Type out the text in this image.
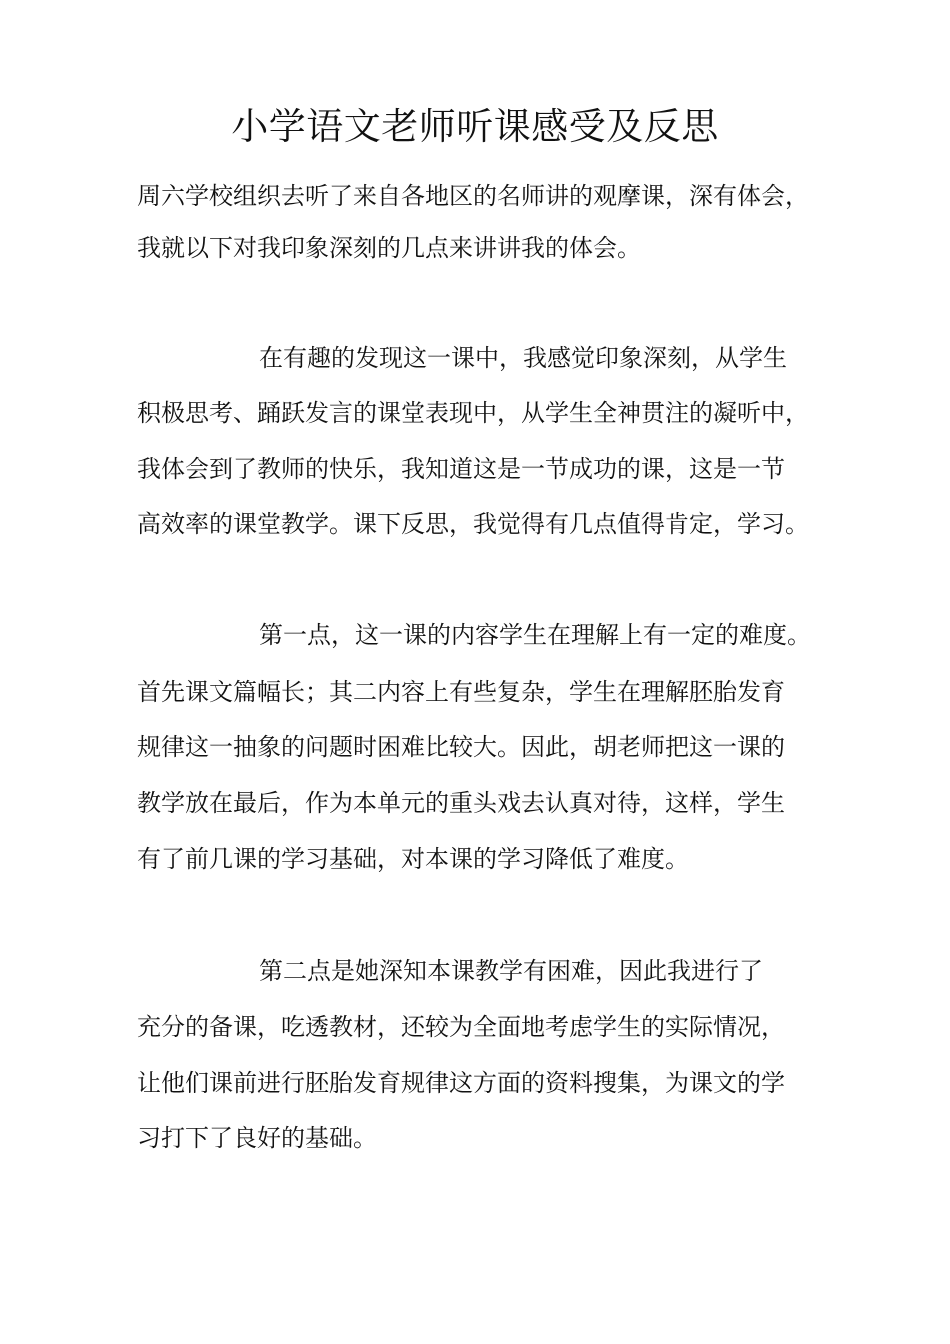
小学语文老师听课感受及反思

周六学校组织去听了来自各地区的名师讲的观摩课，深有体会，

我就以下对我印象深刻的几点来讲讲我的体会。

在有趣的发现这一课中，我感觉印象深刻，从学生

积极思考、踊跃发言的课堂表现中，从学生全神贯注的凝听中，

我体会到了教师的快乐，我知道这是一节成功的课，这是一节

高效率的课堂教学。课下反思，我觉得有几点值得肯定，学习。

第一点，这一课的内容学生在理解上有一定的难度。

首先课文篇幅长；其二内容上有些复杂，学生在理解胚胎发育

规律这一抽象的问题时困难比较大。因此，胡老师把这一课的

教学放在最后，作为本单元的重头戏去认真对待，这样，学生

有了前几课的学习基础，对本课的学习降低了难度。

第二点是她深知本课教学有困难，因此我进行了

充分的备课，吃透教材，还较为全面地考虑学生的实际情况，

让他们课前进行胚胎发育规律这方面的资料搜集，为课文的学

习打下了良好的基础。
